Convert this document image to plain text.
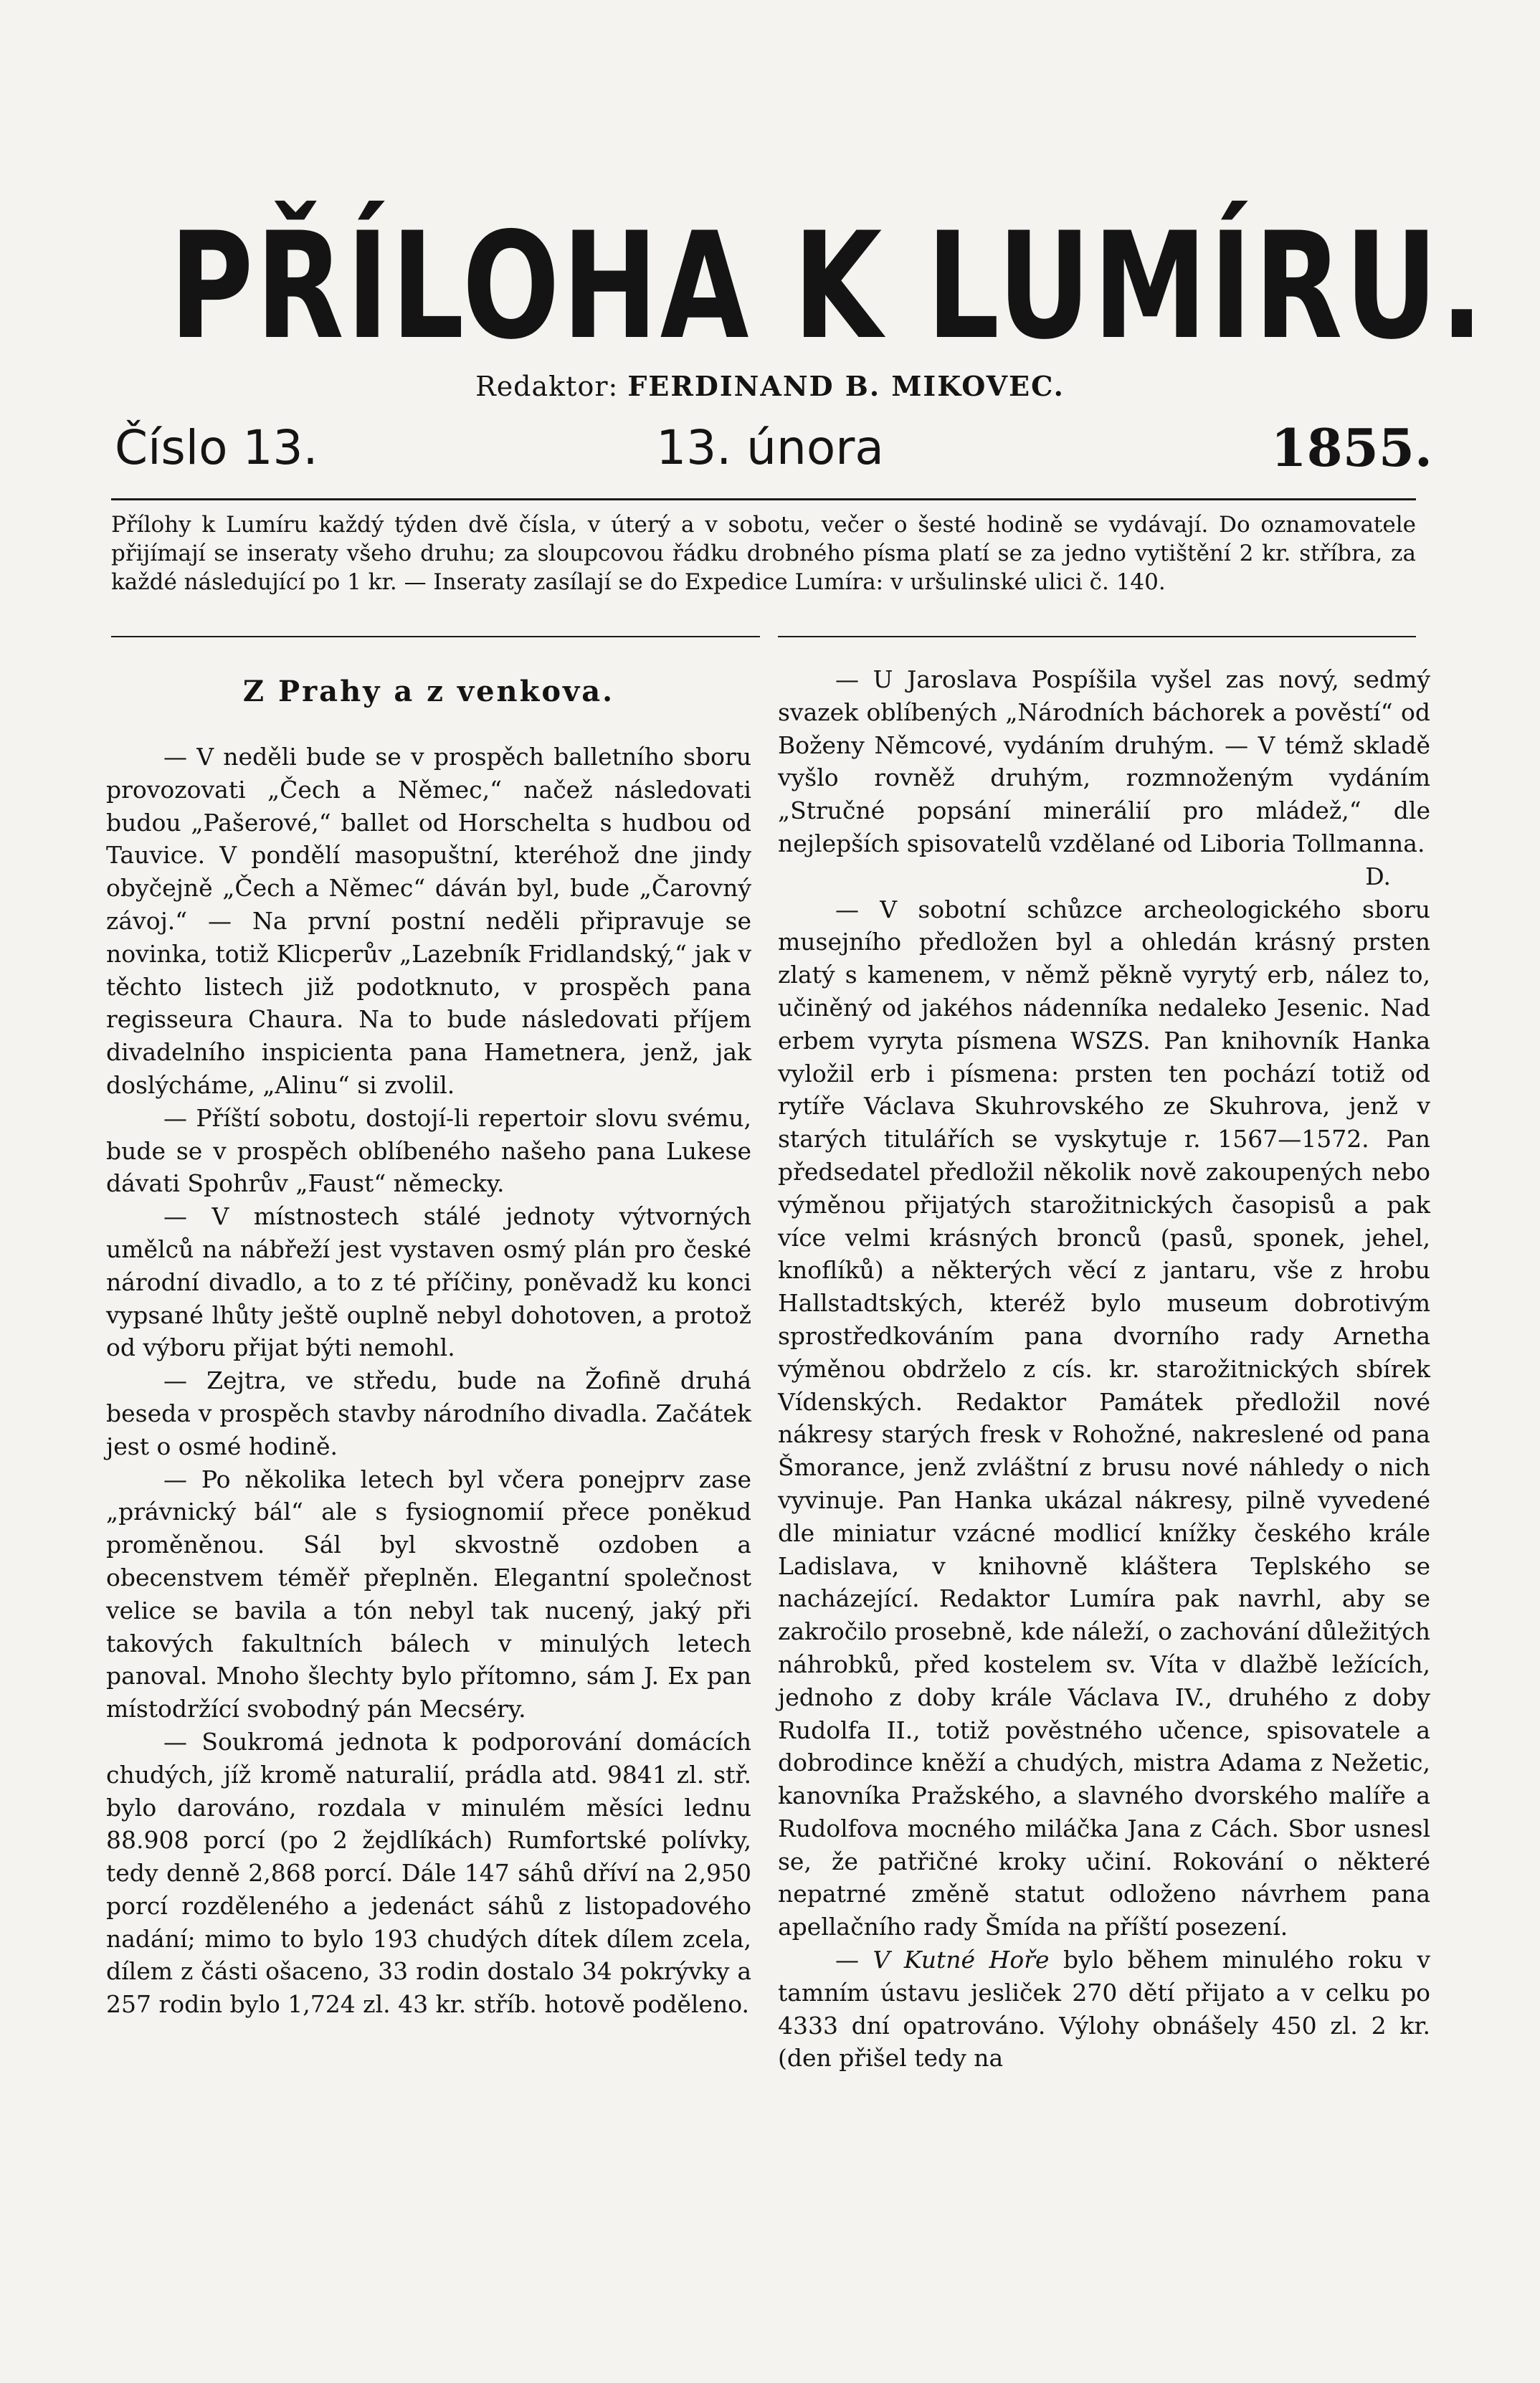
PŘÍLOHA K LUMÍRU.
Redaktor: FERDINAND B. MIKOVEC.
Číslo 13.	13. února	1855.
Přílohy k Lumíru každý týden dvě čísla, v úterý a v sobotu, večer o šesté hodině se vydávají. Do oznamovatele přijímají se inseraty všeho druhu; za sloupcovou řádku drobného písma platí se za jedno vytištění 2 kr. stříbra, za každé následující po 1 kr. — Inseraty zasílají se do Expedice Lumíra: v uršulinské ulici č. 140.
Z Prahy a z venkova.

— V neděli bude se v prospěch balletního sboru provozovati „Čech a Němec,“ načež následovati budou „Pašerové,“ ballet od Horschelta s hudbou od Tauvice. V pondělí masopuštní, kteréhož dne jindy obyčejně „Čech a Němec“ dáván byl, bude „Čarovný závoj.“ — Na první postní neděli připravuje se novinka, totiž Klicperův „Lazebník Fridlandský,“ jak v těchto listech již podotknuto, v prospěch pana regisseura Chaura. Na to bude následovati příjem divadelního inspicienta pana Hametnera, jenž, jak doslýcháme, „Alinu“ si zvolil.

— Příští sobotu, dostojí-li repertoir slovu svému, bude se v prospěch oblíbeného našeho pana Lukese dávati Spohrův „Faust“ německy.

— V místnostech stálé jednoty výtvorných umělců na nábřeží jest vystaven osmý plán pro české národní divadlo, a to z té příčiny, poněvadž ku konci vypsané lhůty ještě ouplně nebyl dohotoven, a protož od výboru přijat býti nemohl.

— Zejtra, ve středu, bude na Žofině druhá beseda v prospěch stavby národního divadla. Začátek jest o osmé hodině.

— Po několika letech byl včera ponejprv zase „právnický bál“ ale s fysiognomií přece poněkud proměněnou. Sál byl skvostně ozdoben a obecenstvem téměř přeplněn. Elegantní společnost velice se bavila a tón nebyl tak nucený, jaký při takových fakultních bálech v minulých letech panoval. Mnoho šlechty bylo přítomno, sám J. Ex pan místodržící svobodný pán Mecséry.

— Soukromá jednota k podporování domácích chudých, jíž kromě naturalií, prádla atd. 9841 zl. stř. bylo darováno, rozdala v minulém měsíci lednu 88.908 porcí (po 2 žejdlíkách) Rumfortské polívky, tedy denně 2,868 porcí. Dále 147 sáhů dříví na 2,950 porcí rozděleného a jedenáct sáhů z listopadového nadání; mimo to bylo 193 chudých dítek dílem zcela, dílem z části ošaceno, 33 rodin dostalo 34 pokrývky a 257 rodin bylo 1,724 zl. 43 kr. stříb. hotově poděleno.

— U Jaroslava Pospíšila vyšel zas nový, sedmý svazek oblíbených „Národních báchorek a pověstí“ od Boženy Němcové, vydáním druhým. — V témž skladě vyšlo rovněž druhým, rozmnoženým vydáním „Stručné popsání minerálií pro mládež,“ dle nejlepších spisovatelů vzdělané od Liboria Tollmanna.
D.

— V sobotní schůzce archeologického sboru musejního předložen byl a ohledán krásný prsten zlatý s kamenem, v němž pěkně vyrytý erb, nález to, učiněný od jakéhos nádenníka nedaleko Jesenic. Nad erbem vyryta písmena WSZS. Pan knihovník Hanka vyložil erb i písmena: prsten ten pochází totiž od rytíře Václava Skuhrovského ze Skuhrova, jenž v starých titulářích se vyskytuje r. 1567—1572. Pan předsedatel předložil několik nově zakoupených nebo výměnou přijatých starožitnických časopisů a pak více velmi krásných bronců (pasů, sponek, jehel, knoflíků) a některých věcí z jantaru, vše z hrobu Hallstadtských, kteréž bylo museum dobrotivým sprostředkováním pana dvorního rady Arnetha výměnou obdrželo z cís. kr. starožitnických sbírek Vídenských. Redaktor Památek předložil nové nákresy starých fresk v Rohožné, nakreslené od pana Šmorance, jenž zvláštní z brusu nové náhledy o nich vyvinuje. Pan Hanka ukázal nákresy, pilně vyvedené dle miniatur vzácné modlicí knížky českého krále Ladislava, v knihovně kláštera Teplského se nacházející. Redaktor Lumíra pak navrhl, aby se zakročilo prosebně, kde náleží, o zachování důležitých náhrobků, před kostelem sv. Víta v dlažbě ležících, jednoho z doby krále Václava IV., druhého z doby Rudolfa II., totiž pověstného učence, spisovatele a dobrodince kněží a chudých, mistra Adama z Nežetic, kanovníka Pražského, a slavného dvorského malíře a Rudolfova mocného miláčka Jana z Cách. Sbor usnesl se, že patřičné kroky učiní. Rokování o některé nepatrné změně statut odloženo návrhem pana apellačního rady Šmída na příští posezení.

— V Kutné Hoře bylo během minulého roku v tamním ústavu jesliček 270 dětí přijato a v celku po 4333 dní opatrováno. Výlohy obnášely 450 zl. 2 kr. (den přišel tedy na
